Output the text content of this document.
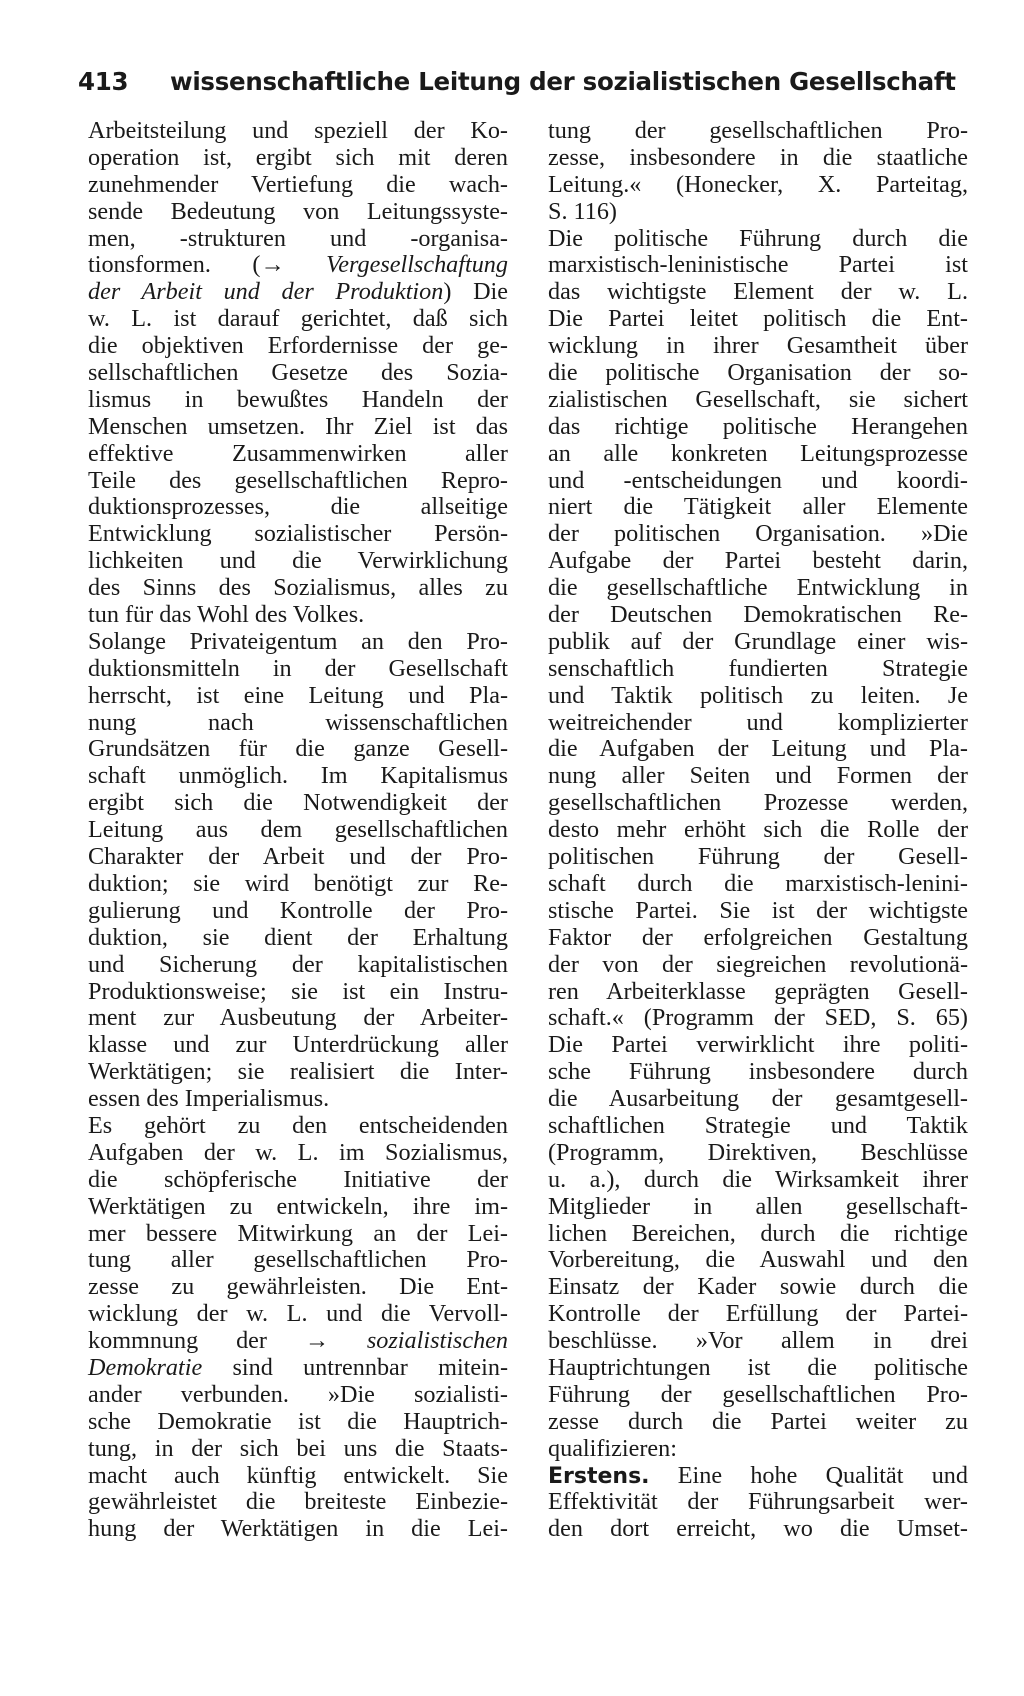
413 wissenschaftliche Leitung der sozialistischen Gesellschaft
Arbeitsteilung und speziell der Ko-
operation ist, ergibt sich mit deren
zunehmender Vertiefung die wach-
sende Bedeutung von Leitungssyste-
men, -strukturen und -organisa-
tionsformen. (→ Vergesellschaftung
der Arbeit und der Produktion) Die
w. L. ist darauf gerichtet, daß sich
die objektiven Erfordernisse der ge-
sellschaftlichen Gesetze des Sozia-
lismus in bewußtes Handeln der
Menschen umsetzen. Ihr Ziel ist das
effektive Zusammenwirken aller
Teile des gesellschaftlichen Repro-
duktionsprozesses, die allseitige
Entwicklung sozialistischer Persön-
lichkeiten und die Verwirklichung
des Sinns des Sozialismus, alles zu
tun für das Wohl des Volkes.
Solange Privateigentum an den Pro-
duktionsmitteln in der Gesellschaft
herrscht, ist eine Leitung und Pla-
nung nach wissenschaftlichen
Grundsätzen für die ganze Gesell-
schaft unmöglich. Im Kapitalismus
ergibt sich die Notwendigkeit der
Leitung aus dem gesellschaftlichen
Charakter der Arbeit und der Pro-
duktion; sie wird benötigt zur Re-
gulierung und Kontrolle der Pro-
duktion, sie dient der Erhaltung
und Sicherung der kapitalistischen
Produktionsweise; sie ist ein Instru-
ment zur Ausbeutung der Arbeiter-
klasse und zur Unterdrückung aller
Werktätigen; sie realisiert die Inter-
essen des Imperialismus.
Es gehört zu den entscheidenden
Aufgaben der w. L. im Sozialismus,
die schöpferische Initiative der
Werktätigen zu entwickeln, ihre im-
mer bessere Mitwirkung an der Lei-
tung aller gesellschaftlichen Pro-
zesse zu gewährleisten. Die Ent-
wicklung der w. L. und die Vervoll-
kommnung der → sozialistischen
Demokratie sind untrennbar mitein-
ander verbunden. »Die sozialisti-
sche Demokratie ist die Hauptrich-
tung, in der sich bei uns die Staats-
macht auch künftig entwickelt. Sie
gewährleistet die breiteste Einbezie-
hung der Werktätigen in die Lei-
tung der gesellschaftlichen Pro-
zesse, insbesondere in die staatliche
Leitung.« (Honecker, X. Parteitag,
S. 116)
Die politische Führung durch die
marxistisch-leninistische Partei ist
das wichtigste Element der w. L.
Die Partei leitet politisch die Ent-
wicklung in ihrer Gesamtheit über
die politische Organisation der so-
zialistischen Gesellschaft, sie sichert
das richtige politische Herangehen
an alle konkreten Leitungsprozesse
und -entscheidungen und koordi-
niert die Tätigkeit aller Elemente
der politischen Organisation. »Die
Aufgabe der Partei besteht darin,
die gesellschaftliche Entwicklung in
der Deutschen Demokratischen Re-
publik auf der Grundlage einer wis-
senschaftlich fundierten Strategie
und Taktik politisch zu leiten. Je
weitreichender und komplizierter
die Aufgaben der Leitung und Pla-
nung aller Seiten und Formen der
gesellschaftlichen Prozesse werden,
desto mehr erhöht sich die Rolle der
politischen Führung der Gesell-
schaft durch die marxistisch-lenini-
stische Partei. Sie ist der wichtigste
Faktor der erfolgreichen Gestaltung
der von der siegreichen revolutionä-
ren Arbeiterklasse geprägten Gesell-
schaft.« (Programm der SED, S. 65)
Die Partei verwirklicht ihre politi-
sche Führung insbesondere durch
die Ausarbeitung der gesamtgesell-
schaftlichen Strategie und Taktik
(Programm, Direktiven, Beschlüsse
u. a.), durch die Wirksamkeit ihrer
Mitglieder in allen gesellschaft-
lichen Bereichen, durch die richtige
Vorbereitung, die Auswahl und den
Einsatz der Kader sowie durch die
Kontrolle der Erfüllung der Partei-
beschlüsse. »Vor allem in drei
Hauptrichtungen ist die politische
Führung der gesellschaftlichen Pro-
zesse durch die Partei weiter zu
qualifizieren:
Erstens. Eine hohe Qualität und
Effektivität der Führungsarbeit wer-
den dort erreicht, wo die Umset-
